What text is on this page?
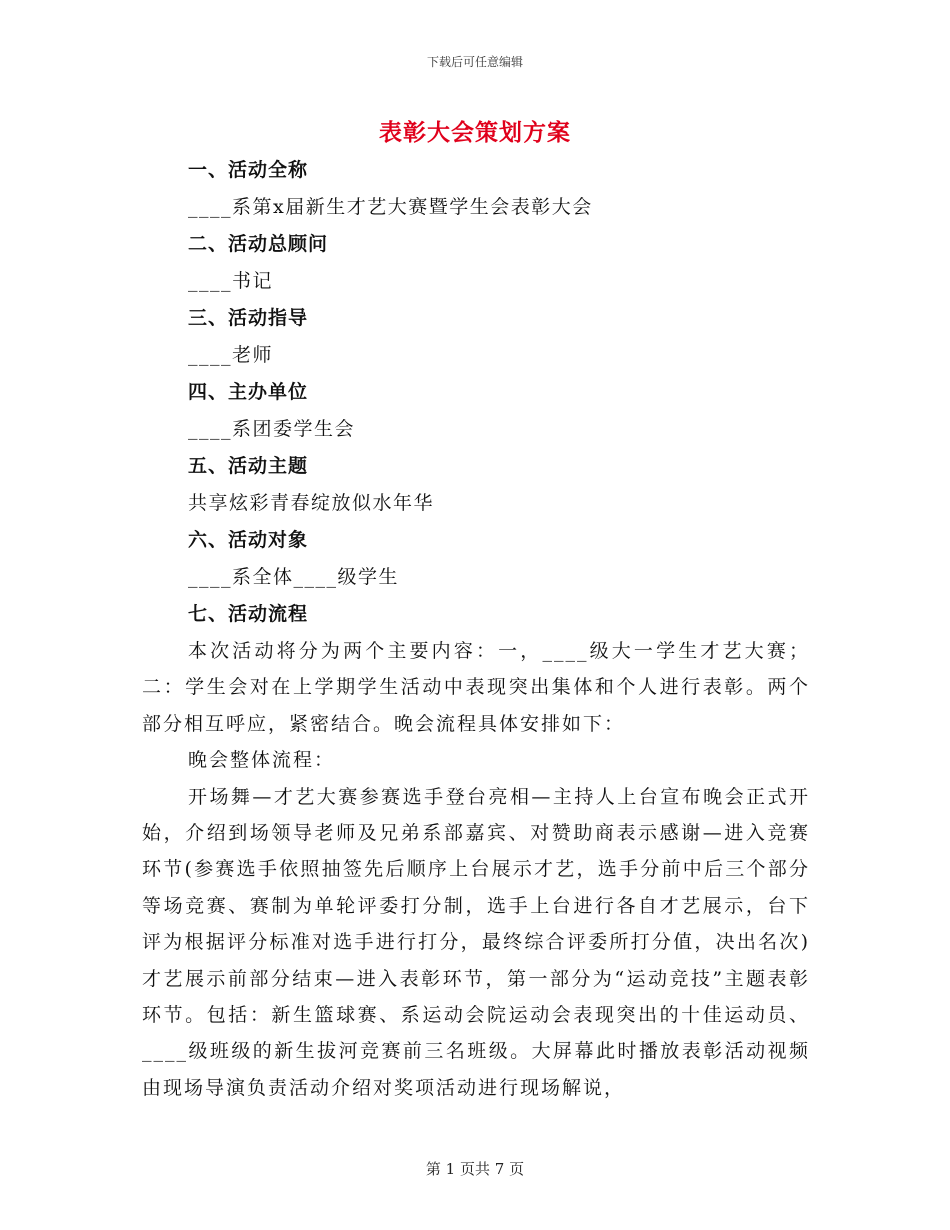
下载后可任意编辑
表彰大会策划方案
一、活动全称
____系第x届新生才艺大赛暨学生会表彰大会
二、活动总顾问
____书记
三、活动指导
____老师
四、主办单位
____系团委学生会
五、活动主题
共享炫彩青春绽放似水年华
六、活动对象
____系全体____级学生
七、活动流程

本次活动将分为两个主要内容：一，____级大一学生才艺大赛；二：学生会对在上学期学生活动中表现突出集体和个人进行表彰。两个部分相互呼应，紧密结合。晚会流程具体安排如下：

晚会整体流程：

开场舞—才艺大赛参赛选手登台亮相—主持人上台宣布晚会正式开始，介绍到场领导老师及兄弟系部嘉宾、对赞助商表示感谢—进入竞赛环节(参赛选手依照抽签先后顺序上台展示才艺，选手分前中后三个部分等场竞赛、赛制为单轮评委打分制，选手上台进行各自才艺展示，台下评为根据评分标准对选手进行打分，最终综合评委所打分值，决出名次)才艺展示前部分结束—进入表彰环节，第一部分为“运动竞技”主题表彰环节。包括：新生篮球赛、系运动会院运动会表现突出的十佳运动员、____级班级的新生拔河竞赛前三名班级。大屏幕此时播放表彰活动视频由现场导演负责活动介绍对奖项活动进行现场解说，

第 1 页共 7 页
